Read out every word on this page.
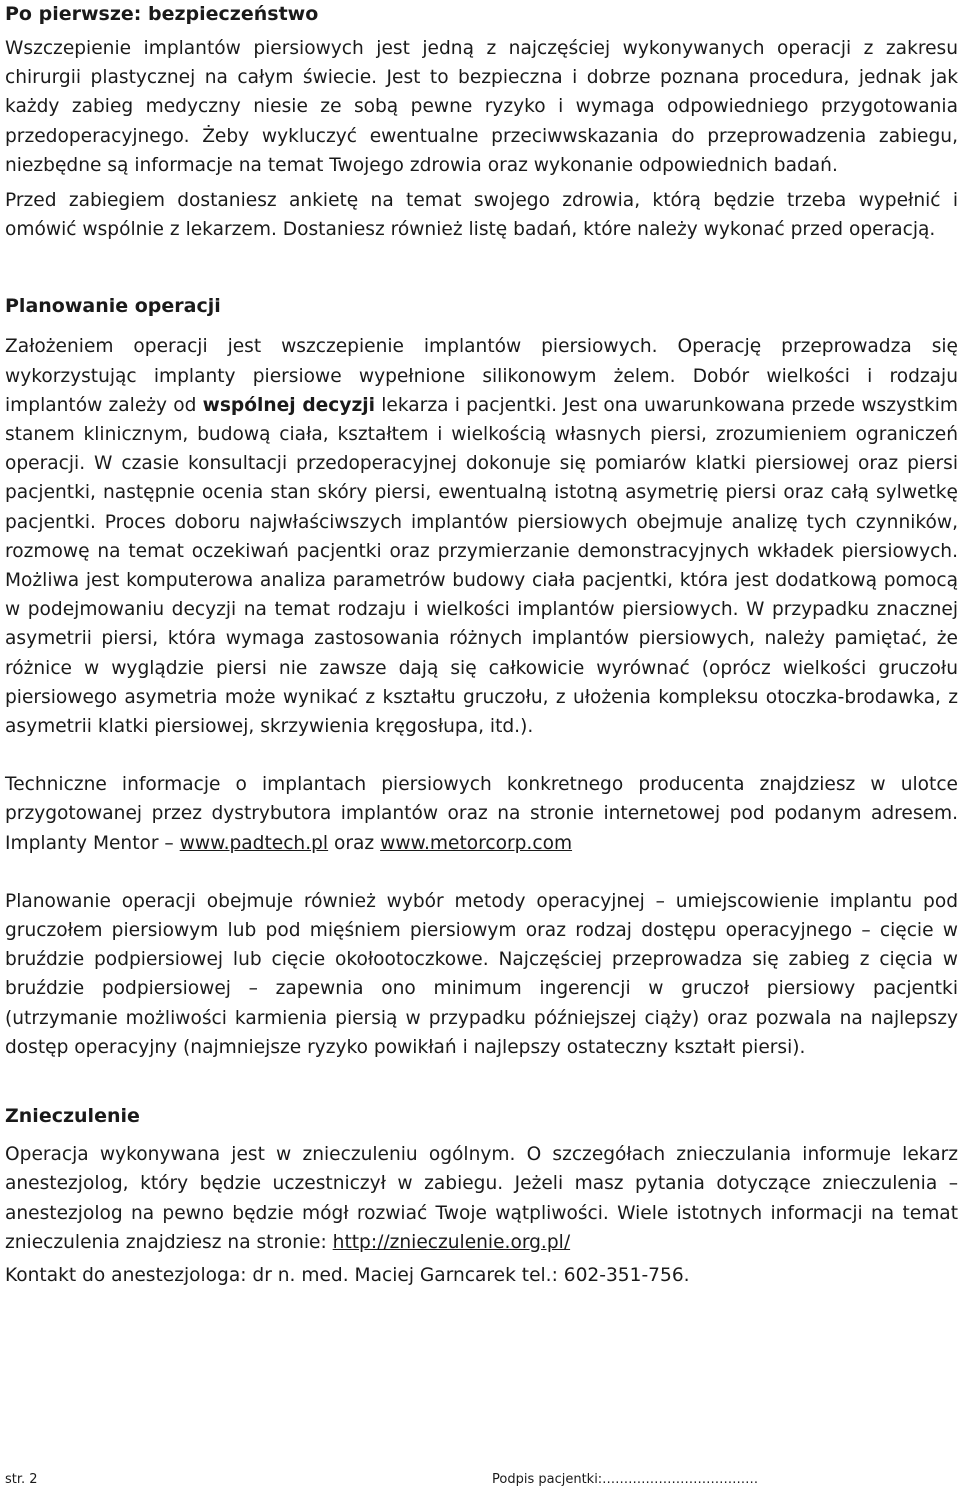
Po pierwsze: bezpieczeństwo

Wszczepienie implantów piersiowych jest jedną z najczęściej wykonywanych operacji z zakresu chirurgii plastycznej na całym świecie. Jest to bezpieczna i dobrze poznana procedura, jednak jak każdy zabieg medyczny niesie ze sobą pewne ryzyko i wymaga odpowiedniego przygotowania przedoperacyjnego. Żeby wykluczyć ewentualne przeciwwskazania do przeprowadzenia zabiegu, niezbędne są informacje na temat Twojego zdrowia oraz wykonanie odpowiednich badań.

Przed zabiegiem dostaniesz ankietę na temat swojego zdrowia, którą będzie trzeba wypełnić i omówić wspólnie z lekarzem. Dostaniesz również listę badań, które należy wykonać przed operacją.

Planowanie operacji

Założeniem operacji jest wszczepienie implantów piersiowych. Operację przeprowadza się wykorzystując implanty piersiowe wypełnione silikonowym żelem. Dobór wielkości i rodzaju implantów zależy od wspólnej decyzji lekarza i pacjentki. Jest ona uwarunkowana przede wszystkim stanem klinicznym, budową ciała, kształtem i wielkością własnych piersi, zrozumieniem ograniczeń operacji. W czasie konsultacji przedoperacyjnej dokonuje się pomiarów klatki piersiowej oraz piersi pacjentki, następnie ocenia stan skóry piersi, ewentualną istotną asymetrię piersi oraz całą sylwetkę pacjentki. Proces doboru najwłaściwszych implantów piersiowych obejmuje analizę tych czynników, rozmowę na temat oczekiwań pacjentki oraz przymierzanie demonstracyjnych wkładek piersiowych. Możliwa jest komputerowa analiza parametrów budowy ciała pacjentki, która jest dodatkową pomocą w podejmowaniu decyzji na temat rodzaju i wielkości implantów piersiowych. W przypadku znacznej asymetrii piersi, która wymaga zastosowania różnych implantów piersiowych, należy pamiętać, że różnice w wyglądzie piersi nie zawsze dają się całkowicie wyrównać (oprócz wielkości gruczołu piersiowego asymetria może wynikać z kształtu gruczołu, z ułożenia kompleksu otoczka-brodawka, z asymetrii klatki piersiowej, skrzywienia kręgosłupa, itd.).

Techniczne informacje o implantach piersiowych konkretnego producenta znajdziesz w ulotce przygotowanej przez dystrybutora implantów oraz na stronie internetowej pod podanym adresem. Implanty Mentor – www.padtech.pl oraz www.metorcorp.com

Planowanie operacji obejmuje również wybór metody operacyjnej – umiejscowienie implantu pod gruczołem piersiowym lub pod mięśniem piersiowym oraz rodzaj dostępu operacyjnego – cięcie w bruździe podpiersiowej lub cięcie okołootoczkowe. Najczęściej przeprowadza się zabieg z cięcia w bruździe podpiersiowej – zapewnia ono minimum ingerencji w gruczoł piersiowy pacjentki (utrzymanie możliwości karmienia piersią w przypadku późniejszej ciąży) oraz pozwala na najlepszy dostęp operacyjny (najmniejsze ryzyko powikłań i najlepszy ostateczny kształt piersi).

Znieczulenie

Operacja wykonywana jest w znieczuleniu ogólnym. O szczegółach znieczulania informuje lekarz anestezjolog, który będzie uczestniczył w zabiegu. Jeżeli masz pytania dotyczące znieczulenia – anestezjolog na pewno będzie mógł rozwiać Twoje wątpliwości. Wiele istotnych informacji na temat znieczulenia znajdziesz na stronie: http://znieczulenie.org.pl/

Kontakt do anestezjologa: dr n. med. Maciej Garncarek tel.: 602-351-756.

str. 2	Podpis pacjentki:………………………………
